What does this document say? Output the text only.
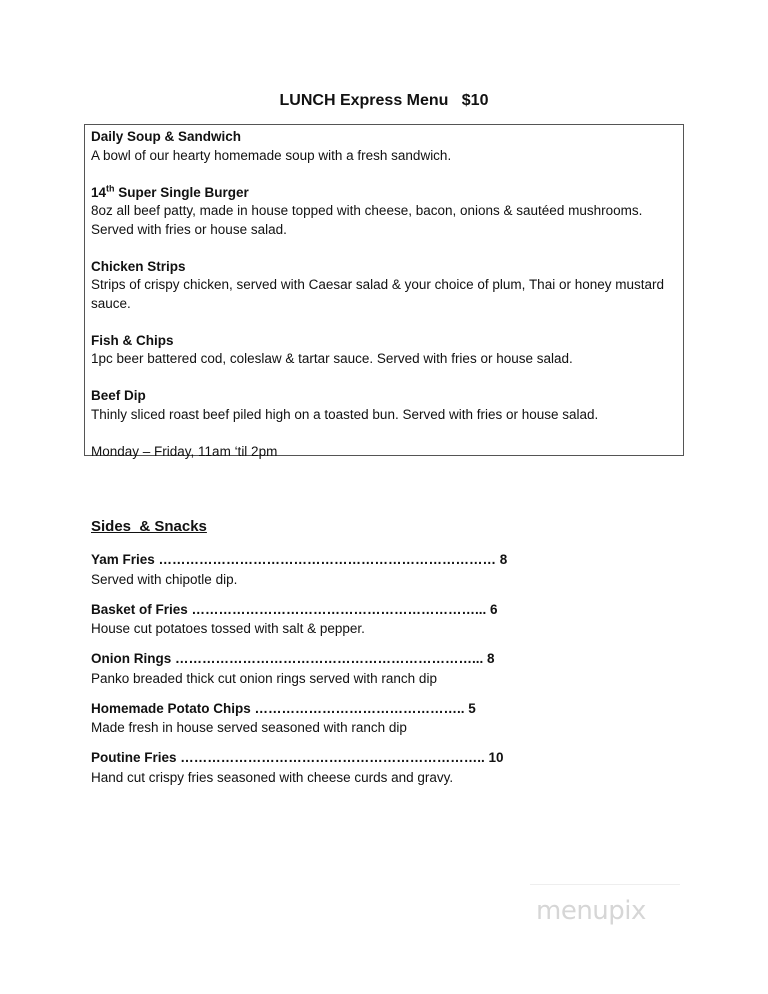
LUNCH Express Menu   $10
Daily Soup & Sandwich
A bowl of our hearty homemade soup with a fresh sandwich.
14th Super Single Burger
8oz all beef patty, made in house topped with cheese, bacon, onions & sautéed mushrooms. Served with fries or house salad.
Chicken Strips
Strips of crispy chicken, served with Caesar salad & your choice of plum, Thai or honey mustard sauce.
Fish & Chips
1pc beer battered cod, coleslaw & tartar sauce. Served with fries or house salad.
Beef Dip
Thinly sliced roast beef piled high on a toasted bun. Served with fries or house salad.
Monday – Friday, 11am ‘til 2pm
Sides  & Snacks
Yam Fries ………………………………………………………………… 8
Served with chipotle dip.
Basket of Fries ………………………………………………………... 6
House cut potatoes tossed with salt & pepper.
Onion Rings …………………………………………………………... 8
Panko breaded thick cut onion rings served with ranch dip
Homemade Potato Chips ……………………………………….. 5
Made fresh in house served seasoned with ranch dip
Poutine Fries ………………………………………………………….. 10
Hand cut crispy fries seasoned with cheese curds and gravy.
menupix
